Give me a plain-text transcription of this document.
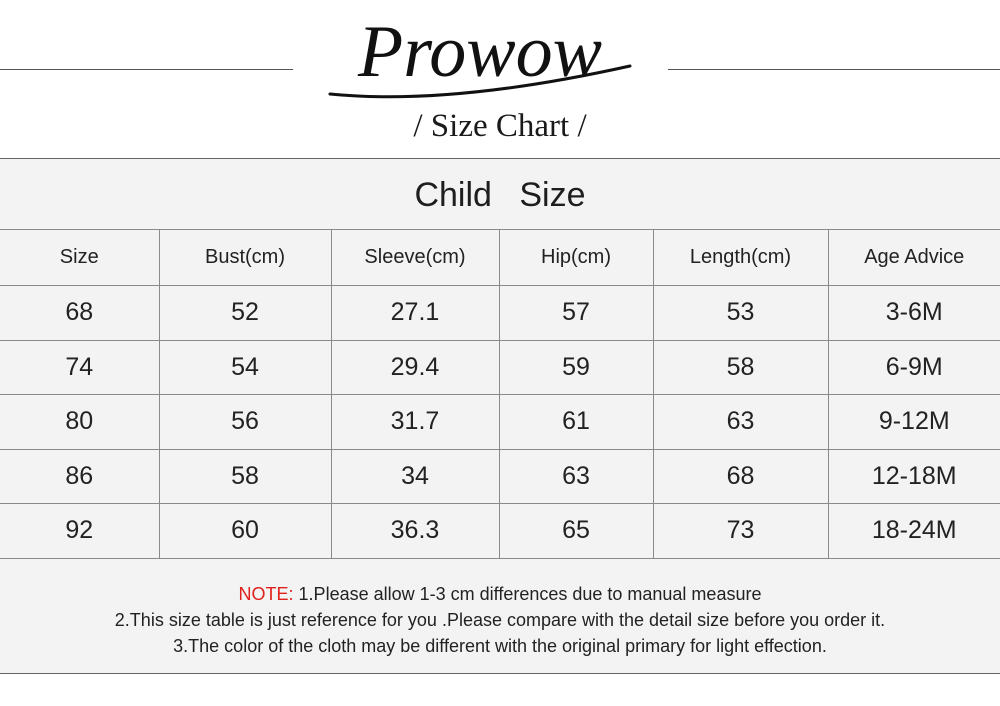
Prowow
/ Size Chart /
Child Size
Size	Bust(cm)	Sleeve(cm)	Hip(cm)	Length(cm)	Age Advice
68	52	27.1	57	53	3-6M
74	54	29.4	59	58	6-9M
80	56	31.7	61	63	9-12M
86	58	34	63	68	12-18M
92	60	36.3	65	73	18-24M
NOTE: 1.Please allow 1-3 cm differences due to manual measure
2.This size table is just reference for you .Please compare with the detail size before you order it.
3.The color of the cloth may be different with the original primary for light effection.
